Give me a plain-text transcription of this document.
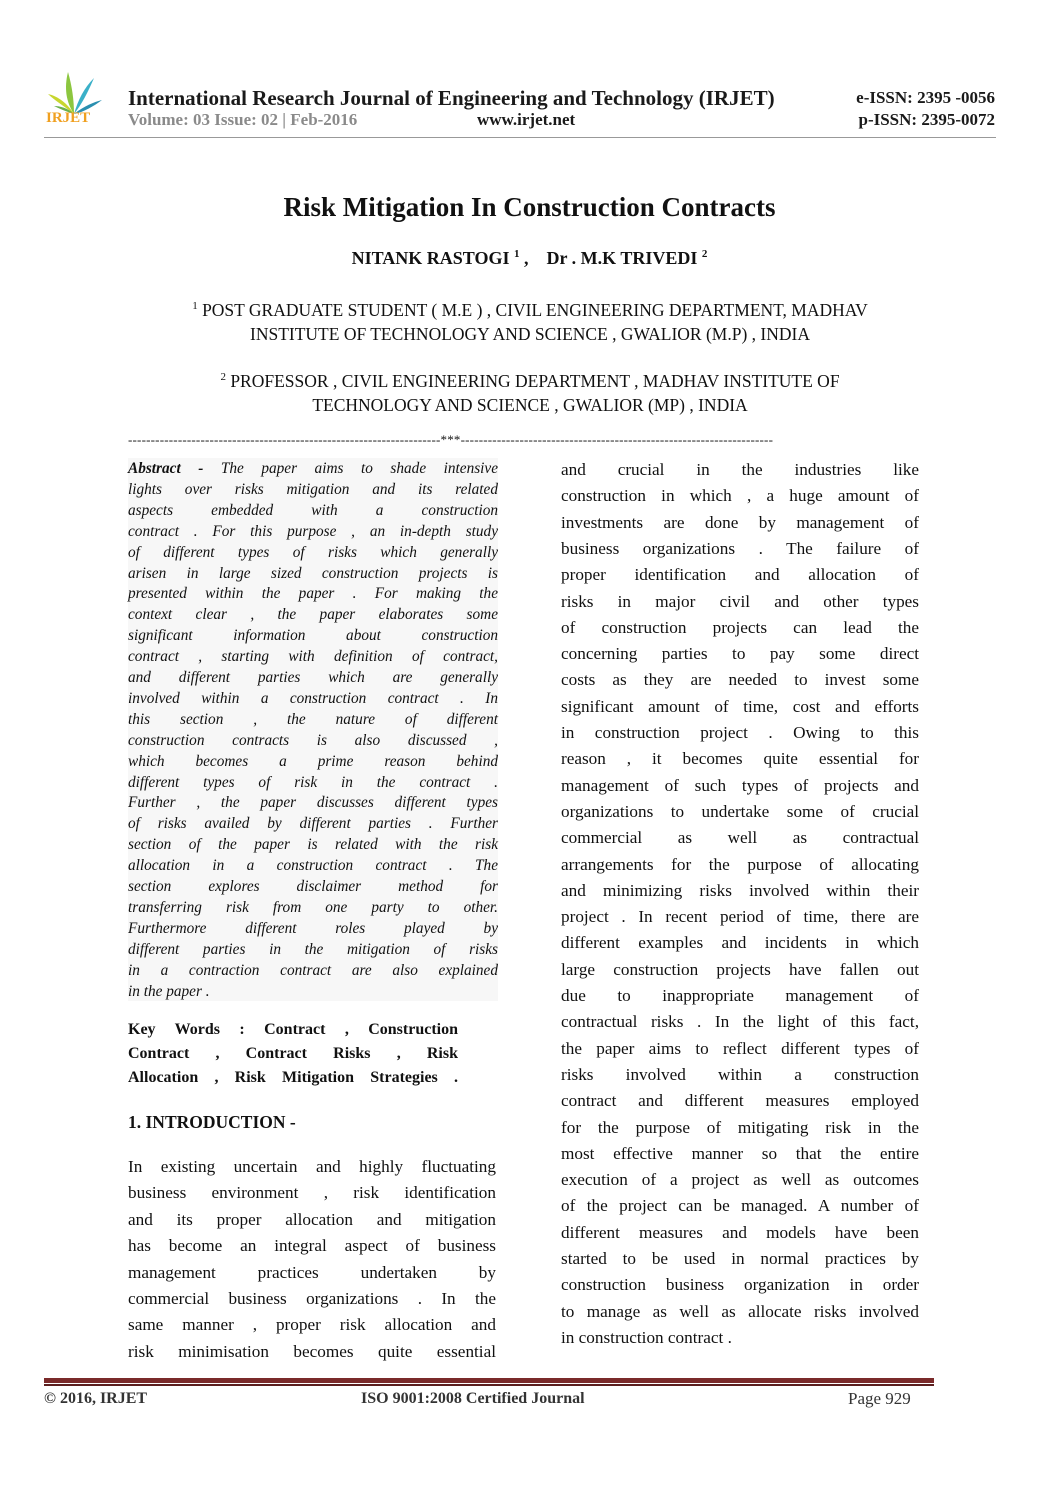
IRJET
International Research Journal of Engineering and Technology (IRJET)
Volume: 03 Issue: 02 | Feb-2016	www.irjet.net
e-ISSN: 2395 -0056
p-ISSN: 2395-0072
Risk Mitigation In Construction Contracts
NITANK RASTOGI $^1$ ,    Dr . M.K TRIVEDI $^2$
$^1$ POST GRADUATE STUDENT ( M.E ) , CIVIL ENGINEERING DEPARTMENT, MADHAV
INSTITUTE OF TECHNOLOGY AND SCIENCE , GWALIOR (M.P) , INDIA
$^2$ PROFESSOR , CIVIL ENGINEERING DEPARTMENT , MADHAV INSTITUTE OF
TECHNOLOGY AND SCIENCE , GWALIOR (MP) , INDIA
---------------------------------------------------------------------***---------------------------------------------------------------------
Abstract - The paper aims to shade intensive
lights over risks mitigation and its related
aspects embedded with a construction
contract . For this purpose , an in-depth study
of different types of risks which generally
arisen in large sized construction projects is
presented within the paper . For making the
context clear , the paper elaborates some
significant information about construction
contract , starting with definition of contract,
and different parties which are generally
involved within a construction contract . In
this section , the nature of different
construction contracts is also discussed ,
which becomes a prime reason behind
different types of risk in the contract .
Further , the paper discusses different types
of risks availed by different parties . Further
section of the paper is related with the risk
allocation in a construction contract . The
section explores disclaimer method for
transferring risk from one party to other.
Furthermore different roles played by
different parties in the mitigation of risks
in a contraction contract are also explained
in the paper .
Key Words : Contract , Construction
Contract , Contract Risks , Risk
Allocation , Risk Mitigation Strategies .
1. INTRODUCTION -
In existing uncertain and highly fluctuating
business environment , risk identification
and its proper allocation and mitigation
has become an integral aspect of business
management practices undertaken by
commercial business organizations . In the
same manner , proper risk allocation and
risk minimisation becomes quite essential
and crucial in the industries like
construction in which , a huge amount of
investments are done by management of
business organizations . The failure of
proper identification and allocation of
risks in major civil and other types
of construction projects can lead the
concerning parties to pay some direct
costs as they are needed to invest some
significant amount of time, cost and efforts
in construction project . Owing to this
reason , it becomes quite essential for
management of such types of projects and
organizations to undertake some of crucial
commercial as well as contractual
arrangements for the purpose of allocating
and minimizing risks involved within their
project . In recent period of time, there are
different examples and incidents in which
large construction projects have fallen out
due to inappropriate management of
contractual risks . In the light of this fact,
the paper aims to reflect different types of
risks involved within a construction
contract and different measures employed
for the purpose of mitigating risk in the
most effective manner so that the entire
execution of a project as well as outcomes
of the project can be managed. A number of
different measures and models have been
started to be used in normal practices by
construction business organization in order
to manage as well as allocate risks involved
in construction contract .
© 2016, IRJET	ISO 9001:2008 Certified Journal	Page 929
